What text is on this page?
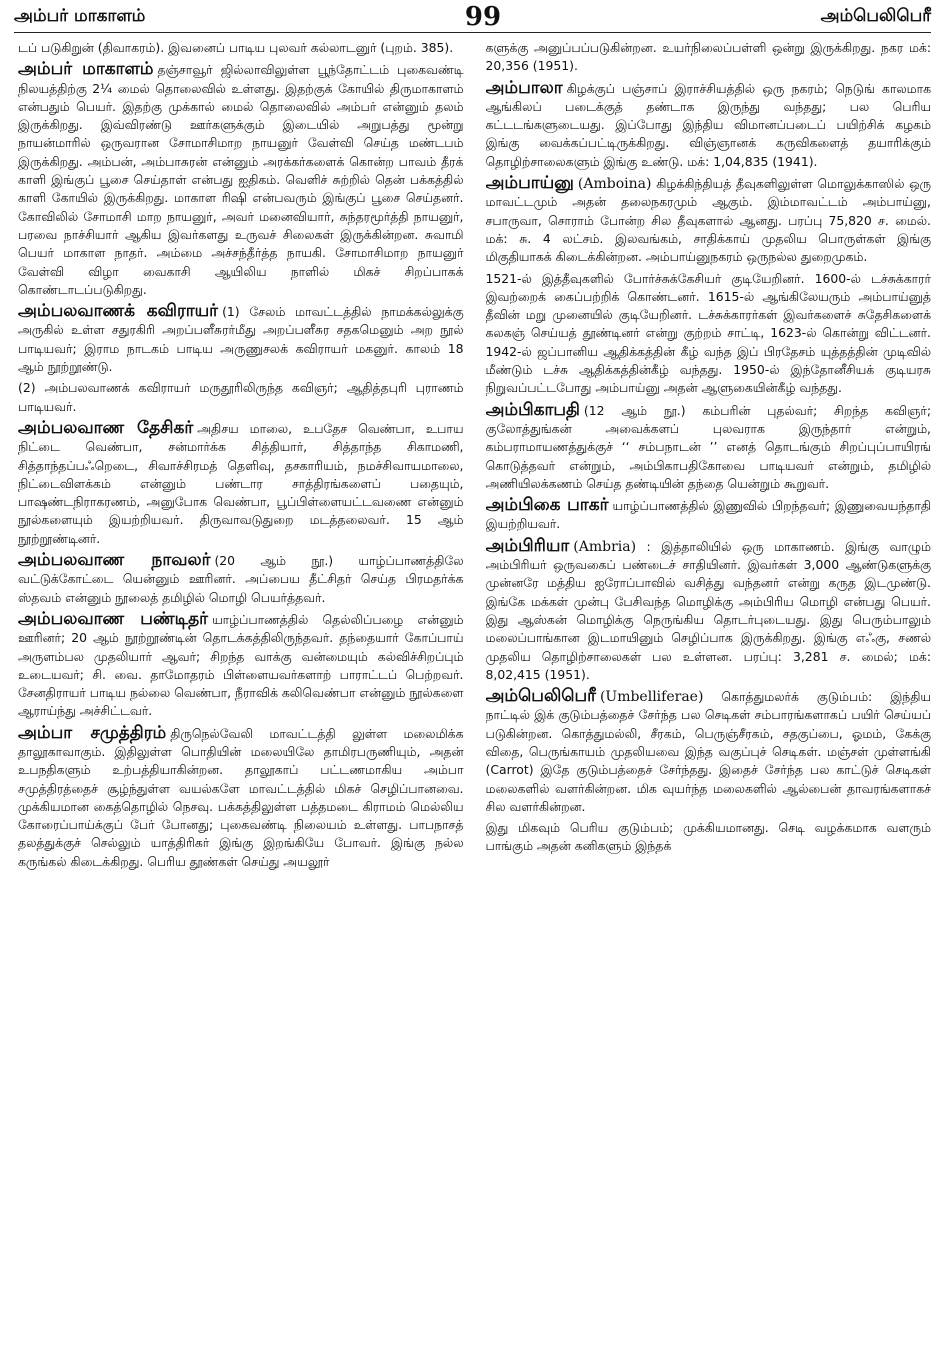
அம்பர் மாகாளம்	99	அம்பெலிபெரீ

டப் படுகிறுன் (திவாகரம்). இவனைப் பாடிய புலவர் கல்லாடனுர் (புறம். 385).

அம்பர் மாகாளம் தஞ்சாவூர் ஜில்லாவிலுள்ள பூந்தோட்டம் புகைவண்டி நிலயத்திற்கு 2¼ மைல் தொலைவில் உள்ளது. இதற்குக் கோயில் திருமாகாளம் என்பதும் பெயர். இதற்கு முக்கால் மைல் தொலைவில் அம்பர் என்னும் தலம் இருக்கிறது. இவ்விரண்டு ஊர்களுக்கும் இடையில் அறுபத்து மூன்று நாயன்மாரில் ஒருவரான சோமாசிமாற நாயனுர் வேள்வி செய்த மண்டபம் இருக்கிறது. அம்பன், அம்பாசுரன் என்னும் அரக்கர்களைக் கொன்ற பாவம் தீரக் காளி இங்குப் பூசை செய்தாள் என்பது ஐதிகம். வெளிச் சுற்றில் தென் பக்கத்தில் காளி கோயில் இருக்கிறது. மாகாள ரிஷி என்பவரும் இங்குப் பூசை செய்தனர். கோவிலில் சோமாசி மாற நாயனுர், அவர் மனைவியார், சுந்தரமூர்த்தி நாயனுர், பரவை நாச்சியார் ஆகிய இவர்களது உருவச் சிலைகள் இருக்கின்றன. சுவாமி பெயர் மாகாள நாதர். அம்மை அச்சந்தீர்த்த நாயகி. சோமாசிமாற நாயனுர் வேள்வி விழா வைகாசி ஆயிலிய நாளில் மிகச் சிறப்பாகக் கொண்டாடப்படுகிறது.

அம்பலவாணக் கவிராயர் (1) சேலம் மாவட்டத்தில் நாமக்கல்லுக்கு அருகில் உள்ள சதுரகிரி அறப்பளீசுரர்மீது அறப்பளீசுர சதகமெனும் அற நூல் பாடியவர்; இராம நாடகம் பாடிய அருணுசலக் கவிராயர் மகனுர். காலம் 18 ஆம் நூற்றூண்டு.

(2) அம்பலவாணக் கவிராயர் மருதூரிலிருந்த கவிஞர்; ஆதித்தபுரி புராணம் பாடியவர்.

அம்பலவாண தேசிகர் அதிசய மாலை, உபதேச வெண்பா, உபாய நிட்டை வெண்பா, சன்மார்க்க சித்தியார், சித்தாந்த சிகாமணி, சித்தாந்தப்பஃறெடை, சிவாச்சிரமத் தெளிவு, தசகாரியம், நமச்சிவாயமாலை, நிட்டைவிளக்கம் என்னும் பண்டார சாத்திரங்களைப் பதையும், பாஷண்டநிராகரணம், அனுபோக வெண்பா, பூப்பிள்ளையட்டவணை என்னும் நூல்களையும் இயற்றியவர். திருவாவடுதுறை மடத்தலைவர். 15 ஆம் நூற்றூண்டினர்.

அம்பலவாண நாவலர் (20 ஆம் நூ.) யாழ்ப்பாணத்திலே வட்டுக்கோட்டை யென்னும் ஊரினர். அப்பைய தீட்சிதர் செய்த பிரமதர்க்க ஸ்தவம் என்னும் நூலைத் தமிழில் மொழி பெயர்த்தவர்.

அம்பலவாண பண்டிதர் யாழ்ப்பாணத்தில் தெல்லிப்பழை என்னும் ஊரினர்; 20 ஆம் நூற்றூண்டின் தொடக்கத்திலிருந்தவர். தந்தையார் கோப்பாய் அருளம்பல முதலியார் ஆவர்; சிறந்த வாக்கு வன்மையும் கல்விச்சிறப்பும் உடையவர்; சி. வை. தாமோதரம் பிள்ளையவர்களாற் பாராட்டப் பெற்றவர். சேனதிராயர் பாடிய நல்லை வெண்பா, நீராவிக் கலிவெண்பா என்னும் நூல்களை ஆராய்ந்து அச்சிட்டவர்.

அம்பா சமுத்திரம் திருநெல்வேலி மாவட்டத்தி லுள்ள மலைமிக்க தாலூகாவாகும். இதிலுள்ள பொதியின் மலையிலே தாமிரபருணியும், அதன் உபநதிகளும் உற்பத்தியாகின்றன. தாலூகாப் பட்டணமாகிய அம்பா சமுத்திரத்தைச் சூழ்ந்துள்ள வயல்களே மாவட்டத்தில் மிகச் செழிப்பானவை. முக்கியமான கைத்தொழில் நெசவு. பக்கத்திலுள்ள பத்தமடை கிராமம் மெல்லிய கோரைப்பாய்க்குப் பேர் போனது; புகைவண்டி நிலையம் உள்ளது. பாபநாசத் தலத்துக்குச் செல்லும் யாத்திரிகர் இங்கு இறங்கியே போவர். இங்கு நல்ல கருங்கல் கிடைக்கிறது. பெரிய தூண்கள் செய்து அயலூர்

களுக்கு அனுப்பப்படுகின்றன. உயர்நிலைப்பள்ளி ஒன்று இருக்கிறது. நகர மக்: 20,356 (1951).

அம்பாலா கிழக்குப் பஞ்சாப் இராச்சியத்தில் ஒரு நகரம்; நெடுங் காலமாக ஆங்கிலப் படைக்குத் தண்டாக இருந்து வந்தது; பல பெரிய கட்டடங்களுடையது. இப்போது இந்திய விமானப்படைப் பயிற்சிக் கழகம் இங்கு வைக்கப்பட்டிருக்கிறது. விஞ்ஞானக் கருவிகளைத் தயாரிக்கும் தொழிற்சாலைகளும் இங்கு உண்டு. மக்: 1,04,835 (1941).

அம்பாய்னு (Amboina) கிழக்கிந்தியத் தீவுகளிலுள்ள மொலுக்காஸில் ஒரு மாவட்டமும் அதன் தலைநகரமும் ஆகும். இம்மாவட்டம் அம்பாய்னு, சபாருவா, சொராம் போன்ற சில தீவுகளால் ஆனது. பரப்பு 75,820 ச. மைல். மக்: சு. 4 லட்சம். இலவங்கம், சாதிக்காய் முதலிய பொருள்கள் இங்கு மிகுதியாகக் கிடைக்கின்றன. அம்பாய்னுநகரம் ஒருநல்ல துறைமுகம்.

1521-ல் இத்தீவுகளில் போர்ச்சுக்கேசியர் குடியேறினர். 1600-ல் டச்சுக்காரர் இவற்றைக் கைப்பற்றிக் கொண்டனர். 1615-ல் ஆங்கிலேயரும் அம்பாய்னுத் தீவின் மறு முனையில் குடியேறினர். டச்சுக்காரர்கள் இவர்களைச் சுதேசிகளைக் கலகஞ் செய்யத் தூண்டினர் என்று குற்றம் சாட்டி, 1623-ல் கொன்று விட்டனர். 1942-ல் ஜப்பானிய ஆதிக்கத்தின் கீழ் வந்த இப் பிரதேசம் யுத்தத்தின் முடிவில் மீண்டும் டச்சு ஆதிக்கத்தின்கீழ் வந்தது. 1950-ல் இந்தோனீசியக் குடியரசு நிறுவப்பட்டபோது அம்பாய்னு அதன் ஆளுகையின்கீழ் வந்தது.

அம்பிகாபதி (12 ஆம் நூ.) கம்பரின் புதல்வர்; சிறந்த கவிஞர்; குலோத்துங்கன் அவைக்களப் புலவராக இருந்தார் என்றும், கம்பராமாயணத்துக்குச் ‘‘ சம்பநாடன் ’’ எனத் தொடங்கும் சிறப்புப்பாயிரங் கொடுத்தவர் என்றும், அம்பிகாபதிகோவை பாடியவர் என்றும், தமிழில் அணியிலக்கணம் செய்த தண்டியின் தந்தை யென்றும் கூறுவர்.

அம்பிகை பாகர் யாழ்ப்பாணத்தில் இணுவில் பிறந்தவர்; இணுவையந்தாதி இயற்றியவர்.

அம்பிரியா (Ambria) : இத்தாலியில் ஒரு மாகாணம். இங்கு வாழும் அம்பிரியர் ஒருவகைப் பண்டைச் சாதியினர். இவர்கள் 3,000 ஆண்டுகளுக்கு முன்னரே மத்திய ஐரோப்பாவில் வசித்து வந்தனர் என்று கருத இடமுண்டு. இங்கே மக்கள் முன்பு பேசிவந்த மொழிக்கு அம்பிரிய மொழி என்பது பெயர். இது ஆஸ்கன் மொழிக்கு நெருங்கிய தொடர்புடையது. இது பெரும்பாலும் மலைப்பாங்கான இடமாயினும் செழிப்பாக இருக்கிறது. இங்கு எஃகு, சணல் முதலிய தொழிற்சாலைகள் பல உள்ளன. பரப்பு: 3,281 ச. மைல்; மக்: 8,02,415 (1951).

அம்பெலிபெரீ (Umbelliferae) கொத்துமலர்க் குடும்பம்: இந்திய நாட்டில் இக் குடும்பத்தைச் சேர்ந்த பல செடிகள் சம்பாரங்களாகப் பயிர் செய்யப் படுகின்றன. கொத்துமல்லி, சீரகம், பெருஞ்சீரகம், சதகுப்பை, ஓமம், கேக்கு விதை, பெருங்காயம் முதலியவை இந்த வகுப்புச் செடிகள். மஞ்சள் முள்ளங்கி (Carrot) இதே குடும்பத்தைச் சேர்ந்தது. இதைச் சேர்ந்த பல காட்டுச் செடிகள் மலைகளில் வளர்கின்றன. மிக வுயர்ந்த மலைகளில் ஆல்பைன் தாவரங்களாகச் சில வளர்கின்றன.

இது மிகவும் பெரிய குடும்பம்; முக்கியமானது. செடி வழக்கமாக வளரும் பாங்கும் அதன் கனிகளும் இந்தக்
